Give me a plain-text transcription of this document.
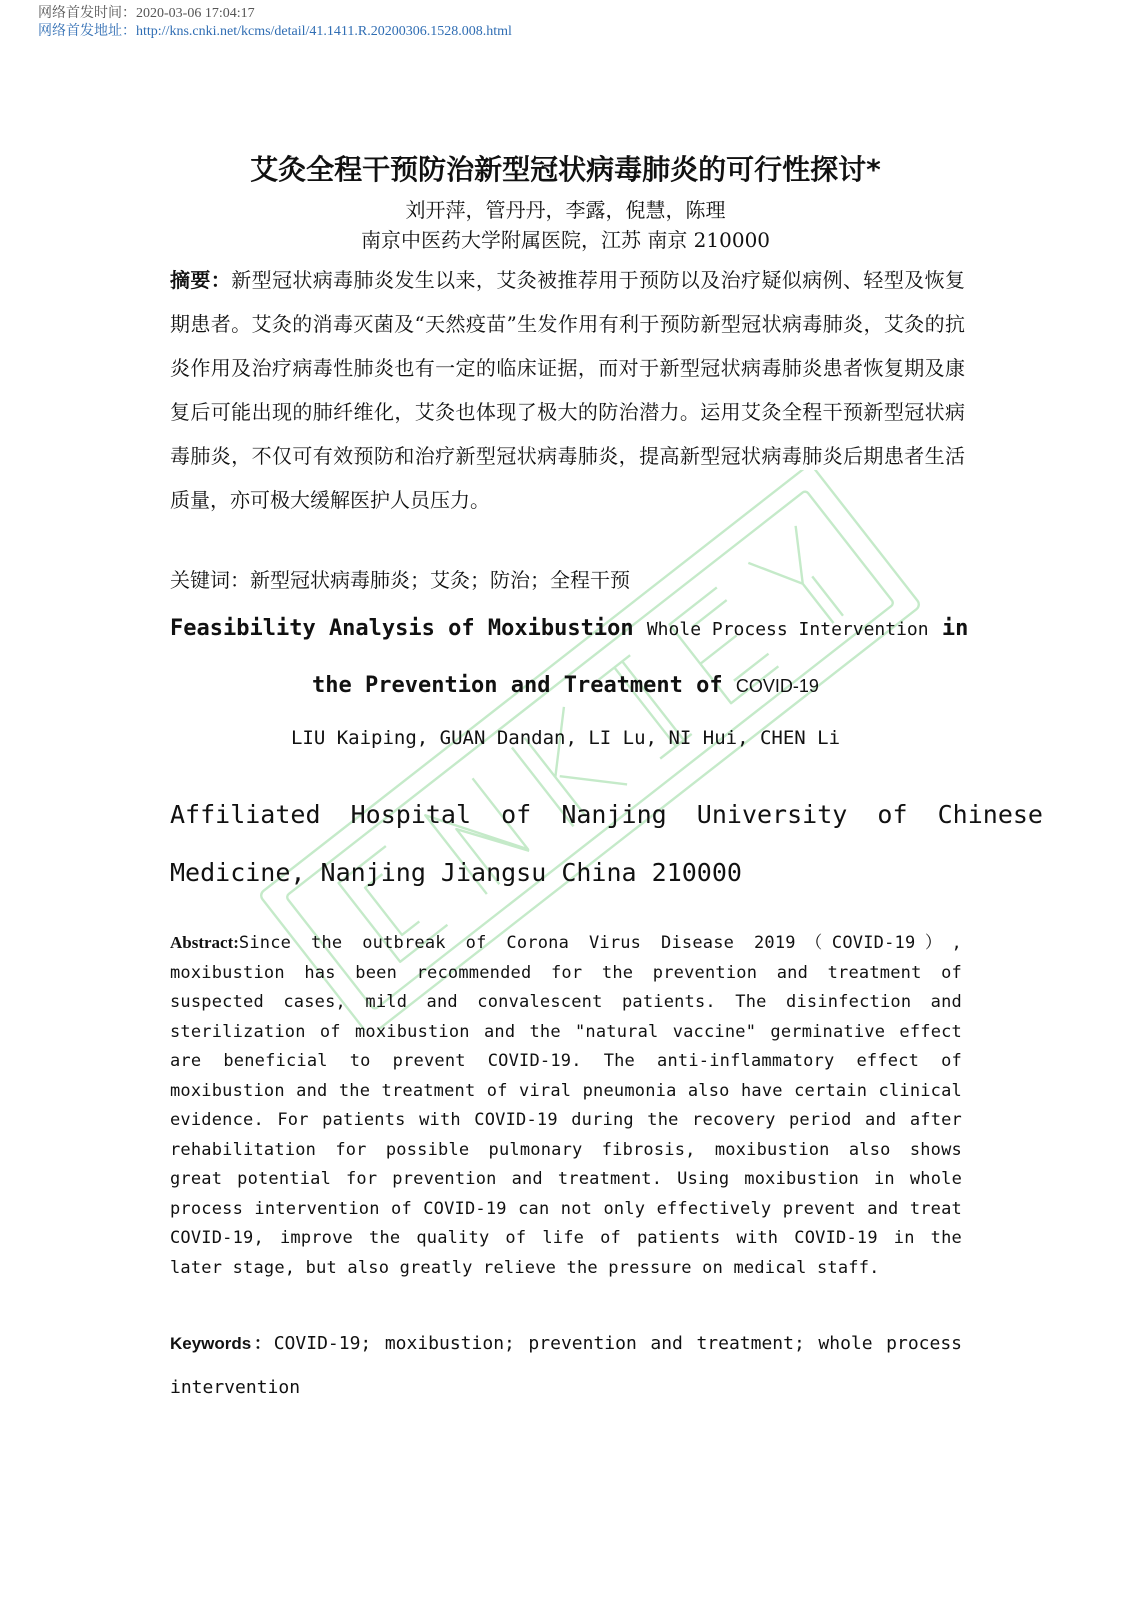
网络首发时间：2020-03-06 17:04:17
网络首发地址：http://kns.cnki.net/kcms/detail/41.1411.R.20200306.1528.008.html
艾灸全程干预防治新型冠状病毒肺炎的可行性探讨*
刘开萍，管丹丹，李露，倪慧，陈理
南京中医药大学附属医院，江苏 南京 210000
摘要：新型冠状病毒肺炎发生以来，艾灸被推荐用于预防以及治疗疑似病例、轻型及恢复期患者。艾灸的消毒灭菌及“天然疫苗”生发作用有利于预防新型冠状病毒肺炎，艾灸的抗炎作用及治疗病毒性肺炎也有一定的临床证据，而对于新型冠状病毒肺炎患者恢复期及康复后可能出现的肺纤维化，艾灸也体现了极大的防治潜力。运用艾灸全程干预新型冠状病毒肺炎，不仅可有效预防和治疗新型冠状病毒肺炎，提高新型冠状病毒肺炎后期患者生活质量，亦可极大缓解医护人员压力。
关键词：新型冠状病毒肺炎；艾灸；防治；全程干预
Feasibility Analysis of Moxibustion Whole Process Intervention in
the Prevention and Treatment of COVID-19
LIU Kaiping, GUAN Dandan, LI Lu, NI Hui, CHEN Li
Affiliated  Hospital  of  Nanjing  University  of  Chinese
Medicine, Nanjing Jiangsu China 210000
Abstract:Since the outbreak of Corona Virus Disease 2019（COVID-19）, moxibustion has been recommended for the prevention and treatment of suspected cases, mild and convalescent patients. The disinfection and sterilization of moxibustion and the "natural vaccine" germinative effect are beneficial to prevent COVID-19. The anti-inflammatory effect of moxibustion and the treatment of viral pneumonia also have certain clinical evidence. For patients with COVID-19 during the recovery period and after rehabilitation for possible pulmonary fibrosis, moxibustion also shows great potential for prevention and treatment. Using moxibustion in whole process intervention of COVID-19 can not only effectively prevent and treat COVID-19, improve the quality of life of patients with COVID-19 in the later stage, but also greatly relieve the pressure on medical staff.
Keywords：COVID-19; moxibustion; prevention and treatment; whole process intervention
